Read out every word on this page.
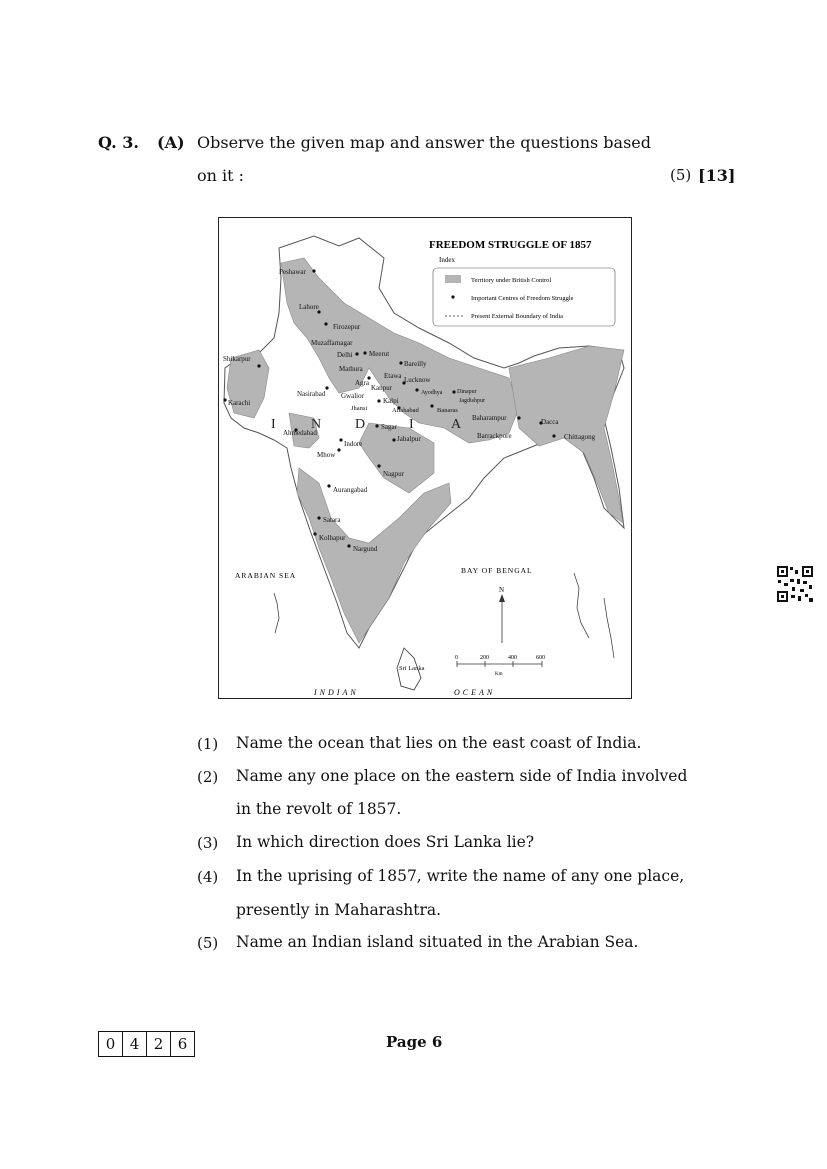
Q. 3. (A) Observe the given map and answer the questions based
on it :	(5) [13]
FREEDOM STRUGGLE OF 1857
Index
Territory under British Control
Important Centres of Freedom Struggle
Present External Boundary of India
Peshawar
Lahore
Firozepur
Muzaffarnagar
Delhi Meerut
Mathura
Bareilly
Etawa
Shikarpur
Agra	Lucknow
Kanpur
Nasirabad Gwalior	Ayodhya Dinapur
Jagdishpur
Karachi	Kalpi
Jhansi	Allahabad	Banaras
Baharampur	Dacca
Ahmedabad
Sagar
Barrackpore	Chittagong
Indore
Jabalpur
Mhow
Nagpur
Aurangabad
Satara
Kolhapur
Nargund
Sri Lanka
I	N D	I	A
ARABIAN SEA
BAY OF BENGAL
INDIAN	OCEAN
N
0	200	400	600
Km
(1) Name the ocean that lies on the east coast of India.
(2) Name any one place on the eastern side of India involved
in the revolt of 1857.
(3) In which direction does Sri Lanka lie?
(4) In the uprising of 1857, write the name of any one place,
presently in Maharashtra.
(5) Name an Indian island situated in the Arabian Sea.
0 4 2 6	Page 6
